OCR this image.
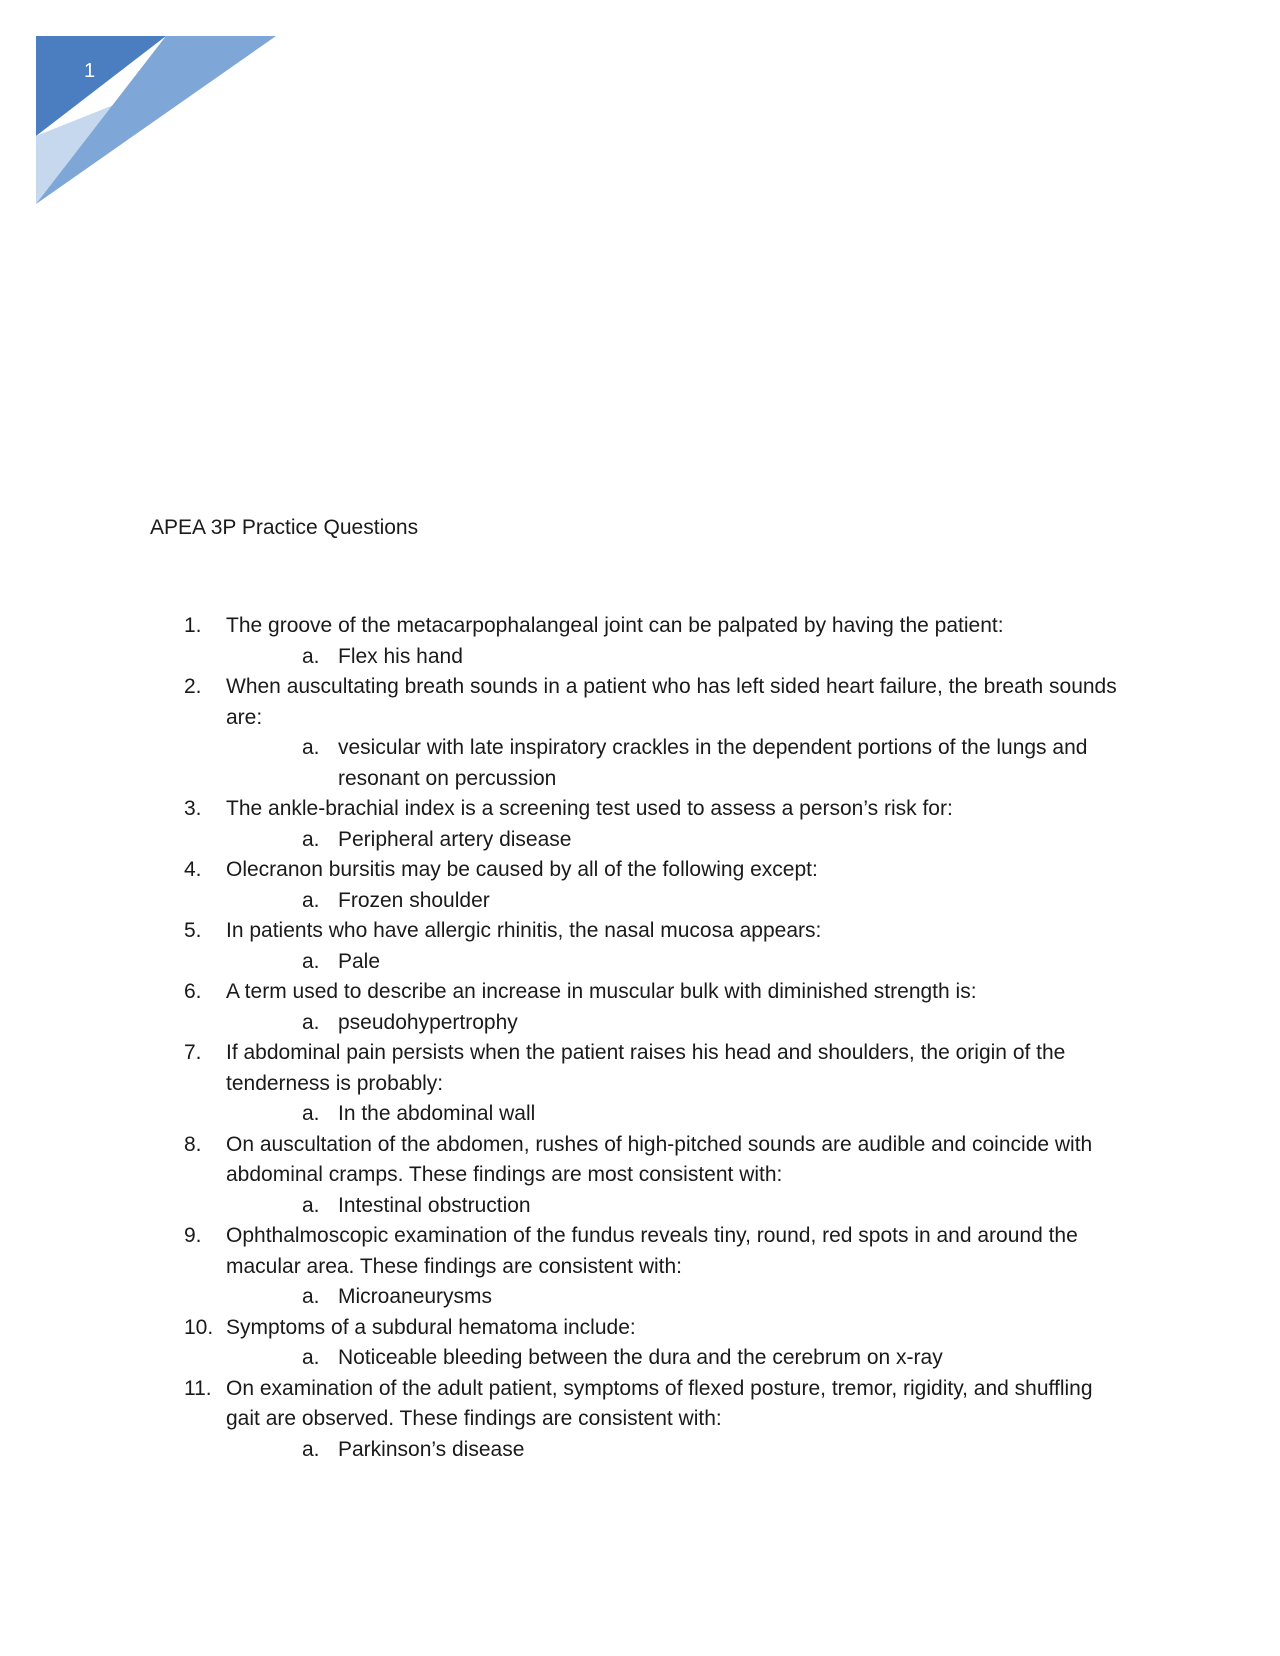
1
APEA 3P Practice Questions
1. The groove of the metacarpophalangeal joint can be palpated by having the patient:
a. Flex his hand
2. When auscultating breath sounds in a patient who has left sided heart failure, the breath sounds are:
a. vesicular with late inspiratory crackles in the dependent portions of the lungs and resonant on percussion
3. The ankle-brachial index is a screening test used to assess a person’s risk for:
a. Peripheral artery disease
4. Olecranon bursitis may be caused by all of the following except:
a. Frozen shoulder
5. In patients who have allergic rhinitis, the nasal mucosa appears:
a. Pale
6. A term used to describe an increase in muscular bulk with diminished strength is:
a. pseudohypertrophy
7. If abdominal pain persists when the patient raises his head and shoulders, the origin of the tenderness is probably:
a. In the abdominal wall
8. On auscultation of the abdomen, rushes of high-pitched sounds are audible and coincide with abdominal cramps. These findings are most consistent with:
a. Intestinal obstruction
9. Ophthalmoscopic examination of the fundus reveals tiny, round, red spots in and around the macular area. These findings are consistent with:
a. Microaneurysms
10. Symptoms of a subdural hematoma include:
a. Noticeable bleeding between the dura and the cerebrum on x-ray
11. On examination of the adult patient, symptoms of flexed posture, tremor, rigidity, and shuffling gait are observed. These findings are consistent with:
a. Parkinson’s disease
